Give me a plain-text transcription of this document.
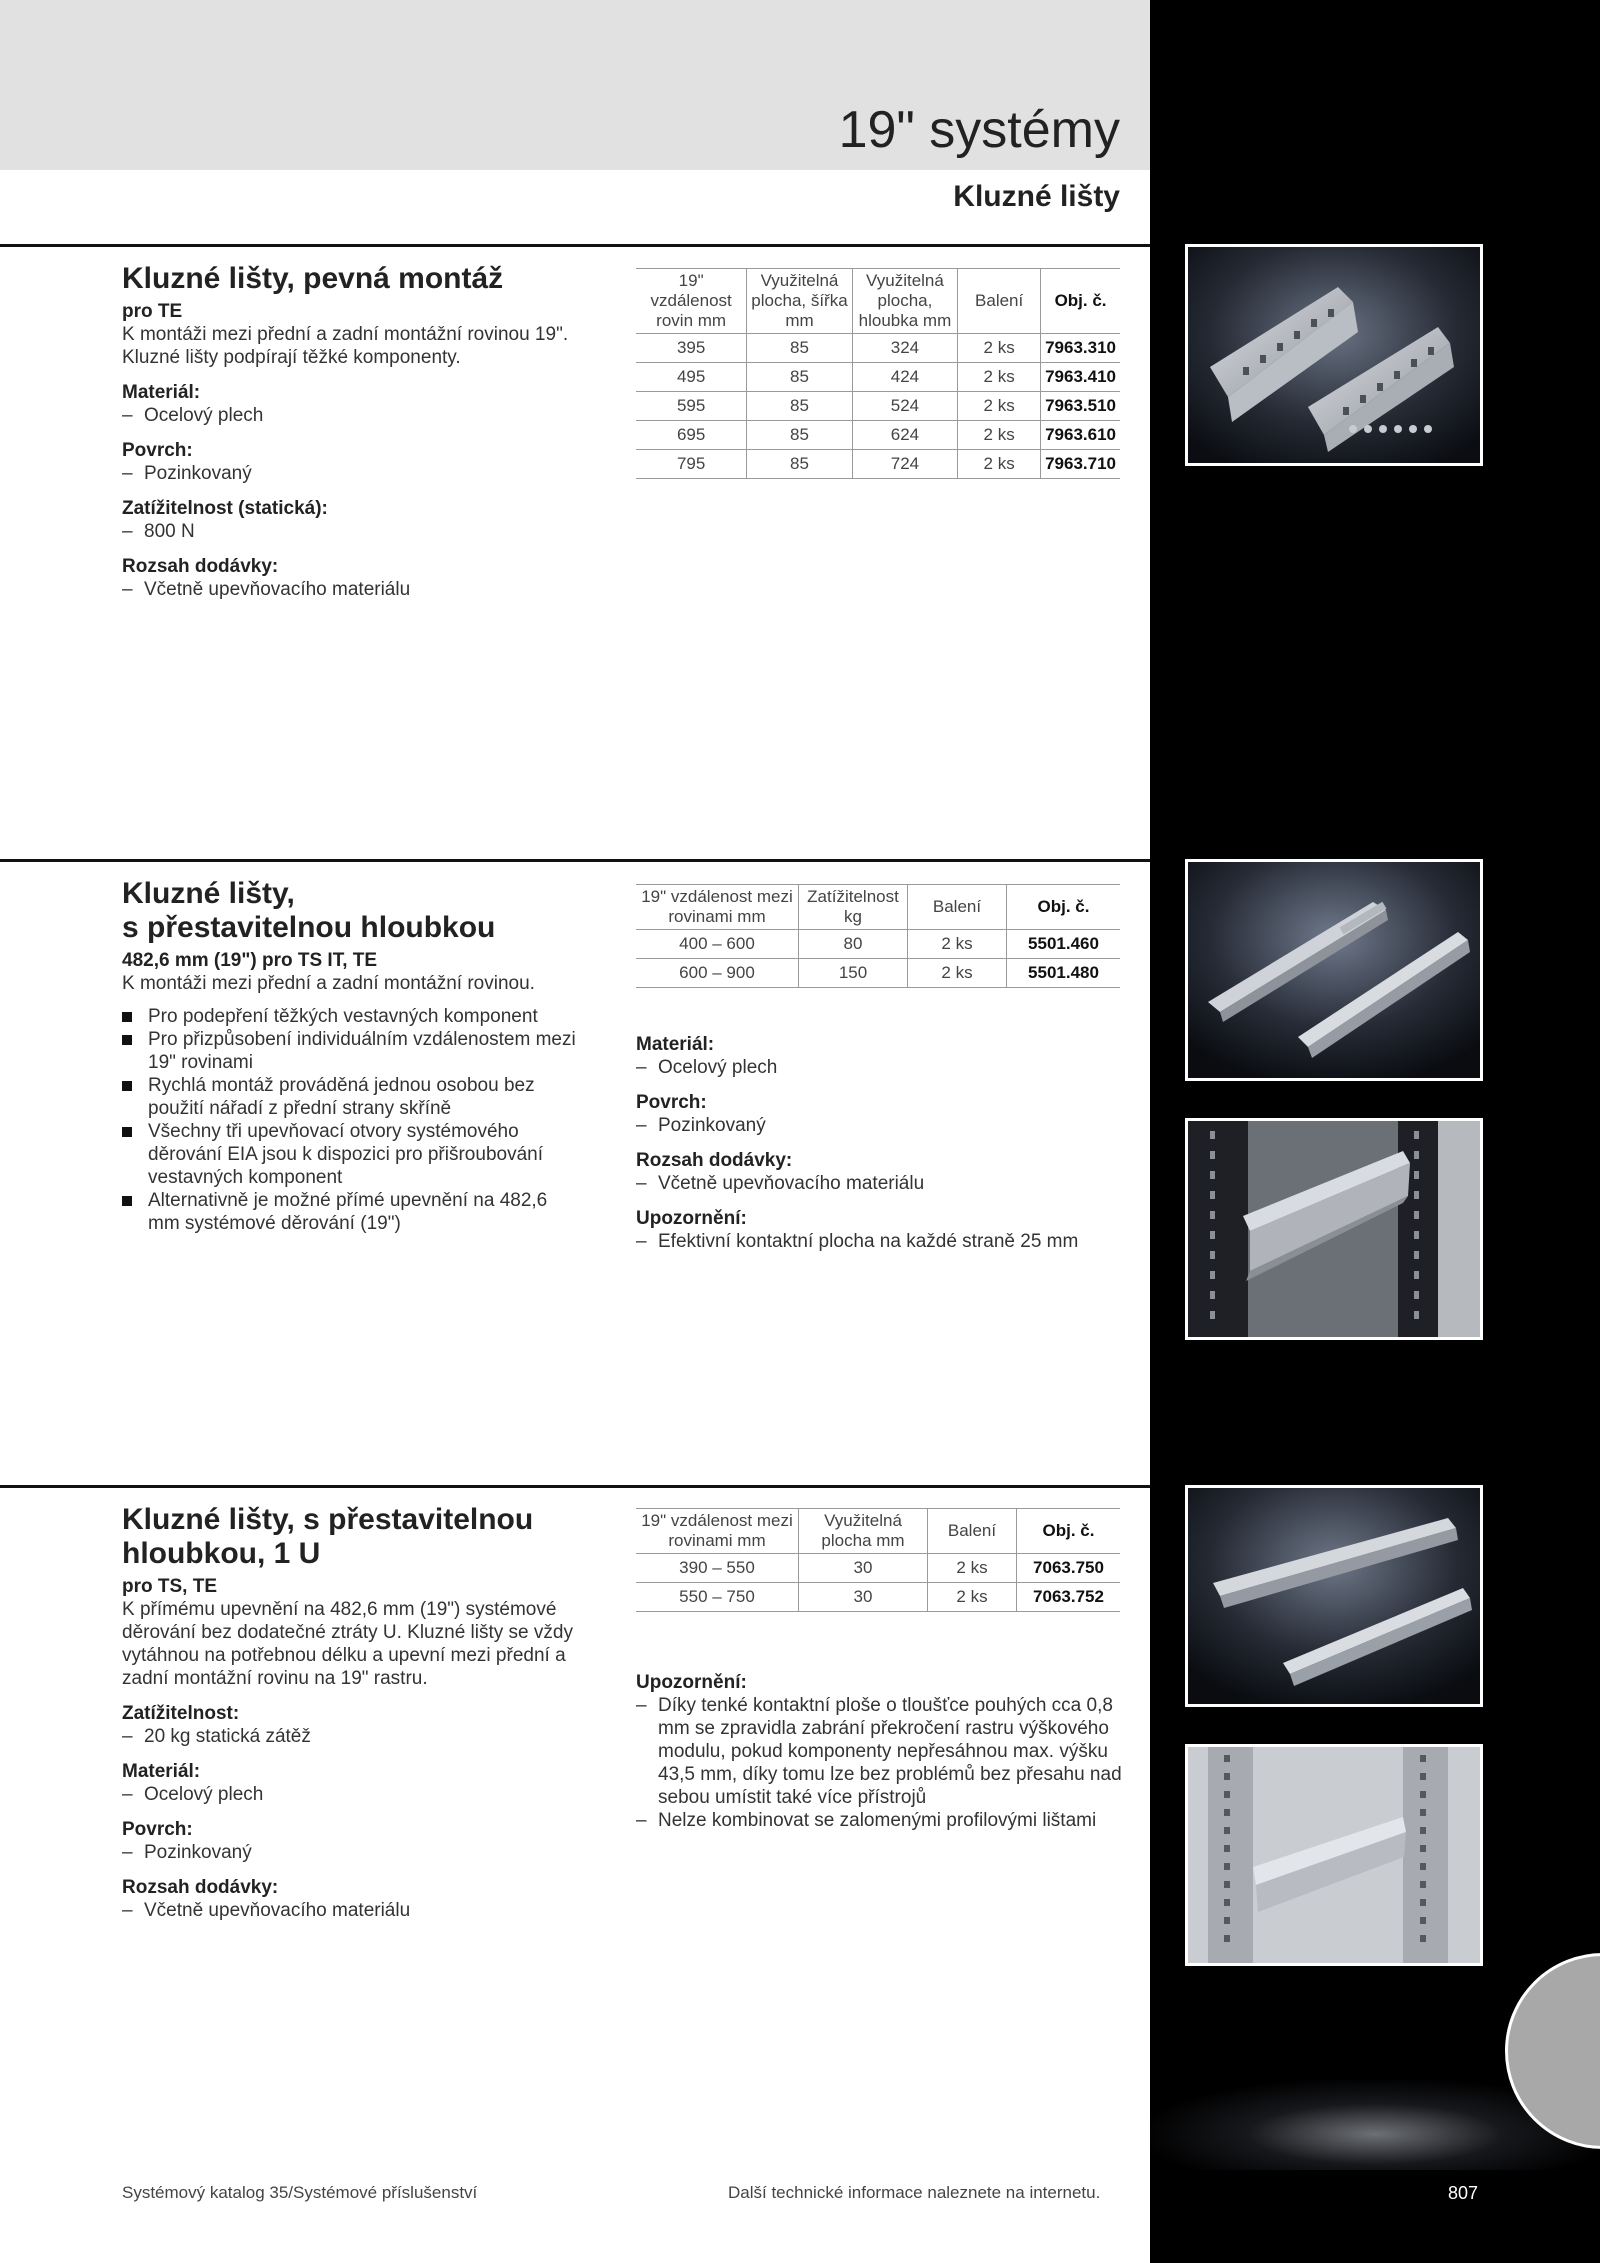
19" systémy
Kluzné lišty
Kluzné lišty, pevná montáž
pro TE
K montáži mezi přední a zadní montážní rovinou 19". Kluzné lišty podpírají těžké komponenty.
Materiál:
– Ocelový plech
Povrch:
– Pozinkovaný
Zatížitelnost (statická):
– 800 N
Rozsah dodávky:
– Včetně upevňovacího materiálu
19" vzdálenost rovin mm	Využitelná plocha, šířka mm	Využitelná plocha, hloubka mm	Balení	Obj. č.
395	85	324	2 ks	7963.310
495	85	424	2 ks	7963.410
595	85	524	2 ks	7963.510
695	85	624	2 ks	7963.610
795	85	724	2 ks	7963.710
Kluzné lišty,
s přestavitelnou hloubkou
482,6 mm (19") pro TS IT, TE
K montáži mezi přední a zadní montážní rovinou.
Pro podepření těžkých vestavných komponent
Pro přizpůsobení individuálním vzdálenostem mezi 19" rovinami
Rychlá montáž prováděná jednou osobou bez použití nářadí z přední strany skříně
Všechny tři upevňovací otvory systémového děrování EIA jsou k dispozici pro přišroubování vestavných komponent
Alternativně je možné přímé upevnění na 482,6 mm systémové děrování (19")
19" vzdálenost mezi rovinami mm	Zatížitelnost kg	Balení	Obj. č.
400 – 600	80	2 ks	5501.460
600 – 900	150	2 ks	5501.480
Materiál:
– Ocelový plech
Povrch:
– Pozinkovaný
Rozsah dodávky:
– Včetně upevňovacího materiálu
Upozornění:
– Efektivní kontaktní plocha na každé straně 25 mm
Kluzné lišty, s přestavitelnou
hloubkou, 1 U
pro TS, TE
K přímému upevnění na 482,6 mm (19") systémové děrování bez dodatečné ztráty U. Kluzné lišty se vždy vytáhnou na potřebnou délku a upevní mezi přední a zadní montážní rovinu na 19" rastru.
Zatížitelnost:
– 20 kg statická zátěž
Materiál:
– Ocelový plech
Povrch:
– Pozinkovaný
Rozsah dodávky:
– Včetně upevňovacího materiálu
19" vzdálenost mezi rovinami mm	Využitelná plocha mm	Balení	Obj. č.
390 – 550	30	2 ks	7063.750
550 – 750	30	2 ks	7063.752
Upozornění:
– Díky tenké kontaktní ploše o tloušťce pouhých cca 0,8 mm se zpravidla zabrání překročení rastru výškového modulu, pokud komponenty nepřesáhnou max. výšku 43,5 mm, díky tomu lze bez problémů bez přesahu nad sebou umístit také více přístrojů
– Nelze kombinovat se zalomenými profilovými lištami
Systémový katalog 35/Systémové příslušenství	Další technické informace naleznete na internetu.	807
